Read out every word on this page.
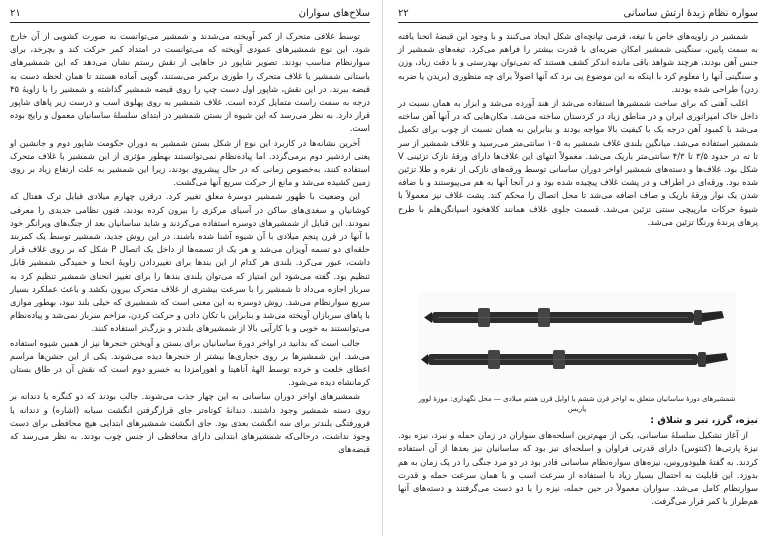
۲۱	سلاح‌های سواران

توسط غلافی متحرک از کمر آویخته می‌شدند و شمشیر می‌توانست به صورت کشویی از آن خارج شود. این نوع شمشیرهای عمودی آویخته که می‌توانست در امتداد کمر حرکت کند و بچرخد، برای سوارنظام مناسب بودند. تصویر شاپور در جاهایی از نقش رستم نشان می‌دهد که این شمشیرهای باستانی شمشیر یا غلاف متحرک را طوری برکمر می‌بستند، گویی آماده هستند تا همان لحظه دست به قبضه ببرند. در این نقش، شاپور اول دست چپ را روی قبضه شمشیر گذاشته و شمشیر را با زاویهٔ ۴۵ درجه به سمت راست متمایل کرده است. غلاف شمشیر به روی پهلوی اسب و درست زیر پاهای شاپور قرار دارد. به نظر می‌رسد که این شیوه از بستن شمشیر در ابتدای سلسلهٔ ساسانیان معمول و رایج بوده است.

آخرین نشانه‌ها در کاربرد این نوع از شکل بستن شمشیر به دوران حکومت شاپور دوم و جانشین او یعنی اردشیر دوم برمی‌گردد. اما پیاده‌نظام نمی‌توانستند بهطور مؤثری از این شمشیر با غلاف متحرک استفاده کنند، به‌خصوص زمانی که در حال پیشروی بودند، زیرا این شمشیر به علت ارتفاع زیاد بر روی زمین کشیده می‌شد و مانع از حرکت سریع آنها می‌گشت.

این وضعیت با ظهور شمشیر دوسرهٔ معلق تغییر کرد. درقرن چهارم میلادی قبایل ترک هفتال که کوشانیان و سغدی‌های ساکن در آسیای مرکزی را بیرون کرده بودند، فنون نظامی جدیدی را معرفی نمودند. این قبایل از شمشیرهای دوسره استفاده می‌کردند و شاید ساسانیان بعد از جنگ‌های ویرانگر خود با آنها در قرن پنجم میلادی با آن شیوه آشنا شده باشند. در این روش جدید، شمشیر توسط یک کمربند حلقه‌ای دو تسمه آویزان می‌شد و هر یک از تسمه‌ها از داخل یک اتصال P شکل که بر روی غلاف قرار داشت، عبور می‌کرد. بلندی هر کدام از این بندها برای تغییردادن زاویهٔ انحنا و خمیدگی شمشیر قابل تنظیم بود. گفته می‌شود این امتیاز که می‌توان بلندی بندها را برای تغییر انحنای شمشیر تنظیم کرد به سرباز اجازه می‌داد تا شمشیر را با سرعت بیشتری از غلاف متحرک بیرون بکشد و باعث عملکرد بسیار سریع سوارنظام می‌شد. روش دوسره به این معنی است که شمشیری که خیلی بلند نبود، بهطور موازی با پاهای سربازان آویخته می‌شد و بنابراین با تکان دادن و حرکت کردن، مزاحم سرباز نمی‌شد و پیاده‌نظام می‌توانستند به خوبی و با کارآیی بالا از شمشیرهای بلندتر و بزرگ‌تر استفاده کنند.

جالب است که بدانید در اواخر دورهٔ ساسانیان برای بستن و آویختن خنجرها نیز از همین شیوه استفاده می‌شد. این شمشیرها بر روی حجاری‌ها بیشتر از خنجرها دیده می‌شوند. یکی از این جشن‌ها مراسم اعطای خلعت و خرده توسط الههٔ آناهیتا و اهورامزدا به خسرو دوم است که نقش آن در طاق بستان کرمانشاه دیده می‌شود.

شمشیرهای اواخر دوران ساسانی به این چهار جذب می‌شوند. جالب بودند که دو کنگره یا دندانه بر روی دسته شمشیر وجود داشتند. دندانهٔ کوتاه‌تر جای قرارگرفتن انگشت سبابه (اشاره) و دندانه یا فرورفتگی بلندتر برای سه انگشت بعدی بود. جای انگشت شمشیرهای ابتدایی هیچ محافظی برای دست وجود نداشت، درحالی‌که شمشیرهای ابتدایی دارای محافظی از جنس چوب بودند. به نظر می‌رسد که قبضه‌های

۲۲	سواره نظام زبدهٔ ارتش ساسانی

شمشیر در زاویه‌های خاص با تیغه، قرمی تپانچه‌ای شکل ایجاد می‌کنند و با وجود این قبضهٔ انحنا یافته به سمت پایین، سنگینی شمشیر امکان ضربه‌ای با قدرت بیشتر را فراهم می‌کرد. تیغه‌های شمشیر از جنس آهن بودند، هرچند شواهد باقی مانده اندکر کشف هستند که نمی‌توان بهدرستی و با دقت زیاد، وزن و سنگینی آنها را معلوم کرد با اینکه به این موضوع پی برد که آنها اصولاً برای چه منظوری (بریدن یا ضربه زدن) طراحی شده بودند.

اغلب آهنی که برای ساخت شمشیرها استفاده می‌شد از هند آورده می‌شد و ابزار به همان نسبت در داخل خاک امپراتوری ایران و در مناطق زیاد در کردستان ساخته می‌شد. مکان‌هایی که در آنها آهن ساخته می‌شد با کمبود آهن درجه یک با کیفیت بالا مواجه بودند و بنابراین به همان نسبت از چوب برای تکمیل شمشیر استفاده می‌شد. میانگین بلندی غلاف شمشیر به ۱۰۵ سانتی‌متر می‌رسید و غلاف شمشیر از سر تا ته در حدود ۳/۵ تا ۴/۳ سانتی‌متر باریک می‌شد. معمولاً انتهای این غلاف‌ها دارای ورقهٔ نازک تزئینی V شکل بود. غلاف‌ها و دسته‌های شمشیر اواخر دوران ساسانی توسط ورقه‌های نازکی از نقره و طلا تزئین شده بود. ورقه‌ای در اطراف و در پشت غلاف پیچیده شده بود و در آنجا آنها به هم می‌پیوستند و با ضافه شدن یک نوار ورقهٔ باریک و صاف اضافه می‌شد تا محل اتصال را محکم کند. پشت غلاف نیز معمولاً با شیوهٔ حرکات مارپیچی سنتی تزئین می‌شد. قسمت جلوی غلاف همانند کلاهخود اسپانگن‌هلم با طرح پرهای پرندهٔ ورنگا تزئین می‌شد.

شمشیرهای دورهٔ ساسانیان متعلق به اواخر قرن ششم یا اوایل قرن هفتم میلادی — محل نگهداری: موزهٔ لوور پاریس

نیزه، گرز، تبر و شلاق :

از آغاز تشکیل سلسلهٔ ساسانی، یکی از مهم‌ترین اسلحه‌های سواران در زمان حمله و نبرد، نیزه بود. نیزهٔ پارتی‌ها (کنتوس) دارای قدرتی فراوان و اسلحه‌ای نیز بود که ساسانیان نیز بعدها از آن استفاده کردند. به گفتهٔ هلیودوروس، نیزه‌های سواره‌نظام ساسانی قادر بود در دو مرد جنگی را در یک زمان به هم بدوزد. این قابلیت به احتمال بسیار زیاد با استفاده از سرعت اسب و با همان سرعت حمله و قدرت سوارنظام کامل می‌شد. سواران معمولاً در حین حمله، نیزه را با دو دست می‌گرفتند و دسته‌های آنها هم‌طراز با کمر قرار می‌گرفت.
